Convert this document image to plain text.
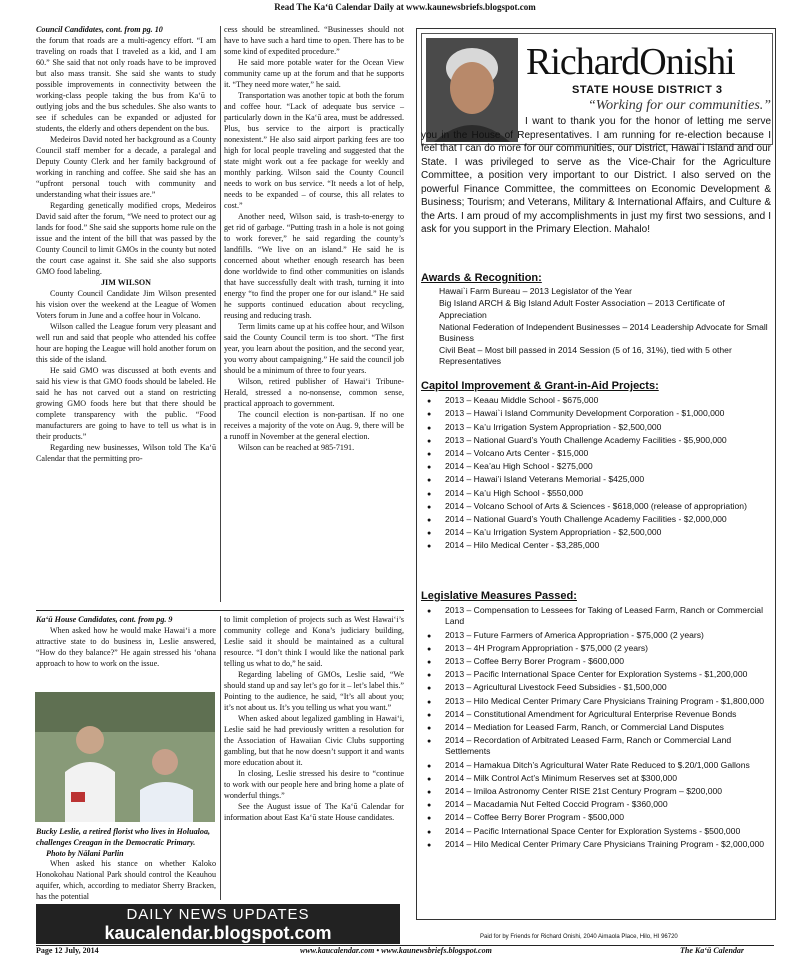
Read The Kaʻū Calendar Daily at www.kaunewsbriefs.blogspot.com

Council Candidates, cont. from pg. 10

the forum that roads are a multi-agency effort. “I am traveling on roads that I traveled as a kid, and I am 60.” She said that not only roads have to be improved but also mass transit. She said she wants to study possible improvements in connectivity between the working-class people taking the bus from Ka‘ū to outlying jobs and the bus schedules. She also wants to see if schedules can be expanded or adjusted for students, the elderly and others dependent on the bus.

Medeiros David noted her background as a County Council staff member for a decade, a paralegal and Deputy County Clerk and her family background of working in ranching and coffee. She said she has an “upfront personal touch with community and understanding what their issues are.”

Regarding genetically modified crops, Medeiros David said after the forum, “We need to protect our ag lands for food.” She said she supports home rule on the issue and the intent of the bill that was passed by the County Council to limit GMOs in the county but noted the court case against it. She said she also supports GMO food labeling.

JIM WILSON

County Council Candidate Jim Wilson presented his vision over the weekend at the League of Women Voters forum in June and a coffee hour in Volcano.

Wilson called the League forum very pleasant and well run and said that people who attended his coffee hour are hoping the League will hold another forum on this side of the island.

He said GMO was discussed at both events and said his view is that GMO foods should be labeled. He said he has not carved out a stand on restricting growing GMO foods here but that there should be complete transparency with the public. “Food manufacturers are going to have to tell us what is in their products.”

Regarding new businesses, Wilson told The Ka‘ū Calendar that the permitting pro-

cess should be streamlined. “Businesses should not have to have such a hard time to open. There has to be some kind of expedited procedure.”

He said more potable water for the Ocean View community came up at the forum and that he supports it. “They need more water,” he said.

Transportation was another topic at both the forum and coffee hour. “Lack of adequate bus service – particularly down in the Ka‘ū area, must be addressed. Plus, bus service to the airport is practically nonexistent.” He also said airport parking fees are too high for local people traveling and suggested that the state might work out a fee package for weekly and monthly parking. Wilson said the County Council needs to work on bus service. “It needs a lot of help, needs to be expanded – of course, this all relates to cost.”

Another need, Wilson said, is trash-to-energy to get rid of garbage. “Putting trash in a hole is not going to work forever,” he said regarding the county’s landfills. “We live on an island.” He said he is concerned about whether enough research has been done worldwide to find other communities on islands that have successfully dealt with trash, turning it into energy “to find the proper one for our island.” He said he supports continued education about recycling, reusing and reducing trash.

Term limits came up at his coffee hour, and Wilson said the County Council term is too short. “The first year, you learn about the position, and the second year, you worry about campaigning.” He said the council job should be a minimum of three to four years.

Wilson, retired publisher of Hawai‘i Tribune-Herald, stressed a no-nonsense, common sense, practical approach to government.

The council election is non-partisan. If no one receives a majority of the vote on Aug. 9, there will be a runoff in November at the general election.

Wilson can be reached at 985-7191.

Ka‘ū House Candidates, cont. from pg. 9

When asked how he would make Hawai‘i a more attractive state to do business in, Leslie answered, “How do they balance?” He again stressed his ‘ohana approach to how to work on the issue.

Bucky Leslie, a retired florist who lives in Holualoa, challenges Creagan in the Democratic Primary. Photo by Nālani Parlin

When asked his stance on whether Kaloko Honokohau National Park should control the Keauhou aquifer, which, according to mediator Sherry Bracken, has the potential

to limit completion of projects such as West Hawai‘i’s community college and Kona’s judiciary building, Leslie said it should be maintained as a cultural resource. “I don’t think I would like the national park telling us what to do,” he said.

Regarding labeling of GMOs, Leslie said, “We should stand up and say let’s go for it – let’s label this.” Pointing to the audience, he said, “It’s all about you; it’s not about us. It’s you telling us what you want.”

When asked about legalized gambling in Hawai‘i, Leslie said he had previously written a resolution for the Association of Hawaiian Civic Clubs supporting gambling, but that he now doesn’t support it and wants more education about it.

In closing, Leslie stressed his desire to “continue to work with our people here and bring home a plate of wonderful things.”

See the August issue of The Ka‘ū Calendar for information about East Ka‘ū state House candidates.

DAILY NEWS UPDATES
kaucalendar.blogspot.com
RichardOnishi
STATE HOUSE DISTRICT 3
“Working for our communities.”
I want to thank you for the honor of letting me serve you in the House of Representatives. I am running for re-election because I feel that I can do more for our communities, our District, Hawai`i Island and our State. I was privileged to serve as the Vice-Chair for the Agriculture Committee, a position very important to our District. I also served on the powerful Finance Committee, the committees on Economic Development & Business; Tourism; and Veterans, Military & International Affairs, and Culture & the Arts. I am proud of my accomplishments in just my first two sessions, and I ask for you support in the Primary Election. Mahalo!
Awards & Recognition:
Hawai`i Farm Bureau – 2013 Legislator of the Year
Big Island ARCH & Big Island Adult Foster Association – 2013 Certificate of Appreciation
National Federation of Independent Businesses – 2014 Leadership Advocate for Small Business
Civil Beat – Most bill passed in 2014 Session (5 of 16, 31%), tied with 5 other Representatives
Capitol Improvement & Grant-in-Aid Projects:
● 2013 – Keaau Middle School - $675,000
● 2013 – Hawai`i Island Community Development Corporation - $1,000,000
● 2013 – Ka’u Irrigation System Appropriation - $2,500,000
● 2013 – National Guard’s Youth Challenge Academy Facilities - $5,900,000
● 2014 – Volcano Arts Center - $15,000
● 2014 – Kea’au High School - $275,000
● 2014 – Hawai’i Island Veterans Memorial - $425,000
● 2014 – Ka’u High School - $550,000
● 2014 – Volcano School of Arts & Sciences - $618,000 (release of appropriation)
● 2014 – National Guard’s Youth Challenge Academy Facilities - $2,000,000
● 2014 – Ka’u Irrigation System Appropriation - $2,500,000
● 2014 – Hilo Medical Center - $3,285,000
Legislative Measures Passed:
● 2013 – Compensation to Lessees for Taking of Leased Farm, Ranch or Commercial Land
● 2013 – Future Farmers of America Appropriation - $75,000 (2 years)
● 2013 – 4H Program Appropriation - $75,000 (2 years)
● 2013 – Coffee Berry Borer Program - $600,000
● 2013 – Pacific International Space Center for Exploration Systems - $1,200,000
● 2013 – Agricultural Livestock Feed Subsidies - $1,500,000
● 2013 – Hilo Medical Center Primary Care Physicians Training Program - $1,800,000
● 2014 – Constitutional Amendment for Agricultural Enterprise Revenue Bonds
● 2014 – Mediation for Leased Farm, Ranch, or Commercial Land Disputes
● 2014 – Recordation of Arbitrated Leased Farm, Ranch or Commercial Land Settlements
● 2014 – Hamakua Ditch’s Agricultural Water Rate Reduced to $.20/1,000 Gallons
● 2014 – Milk Control Act’s Minimum Reserves set at $300,000
● 2014 – Imiloa Astronomy Center RISE 21st Century Program – $200,000
● 2014 – Macadamia Nut Felted Coccid Program - $360,000
● 2014 – Coffee Berry Borer Program - $500,000
● 2014 – Pacific International Space Center for Exploration Systems - $500,000
● 2014 – Hilo Medical Center Primary Care Physicians Training Program - $2,000,000
Paid for by Friends for Richard Onishi, 2040 Aimaola Place, Hilo, HI 96720
Page 12 July, 2014	www.kaucalendar.com • www.kaunewsbriefs.blogspot.com	The Ka‘ū Calendar
